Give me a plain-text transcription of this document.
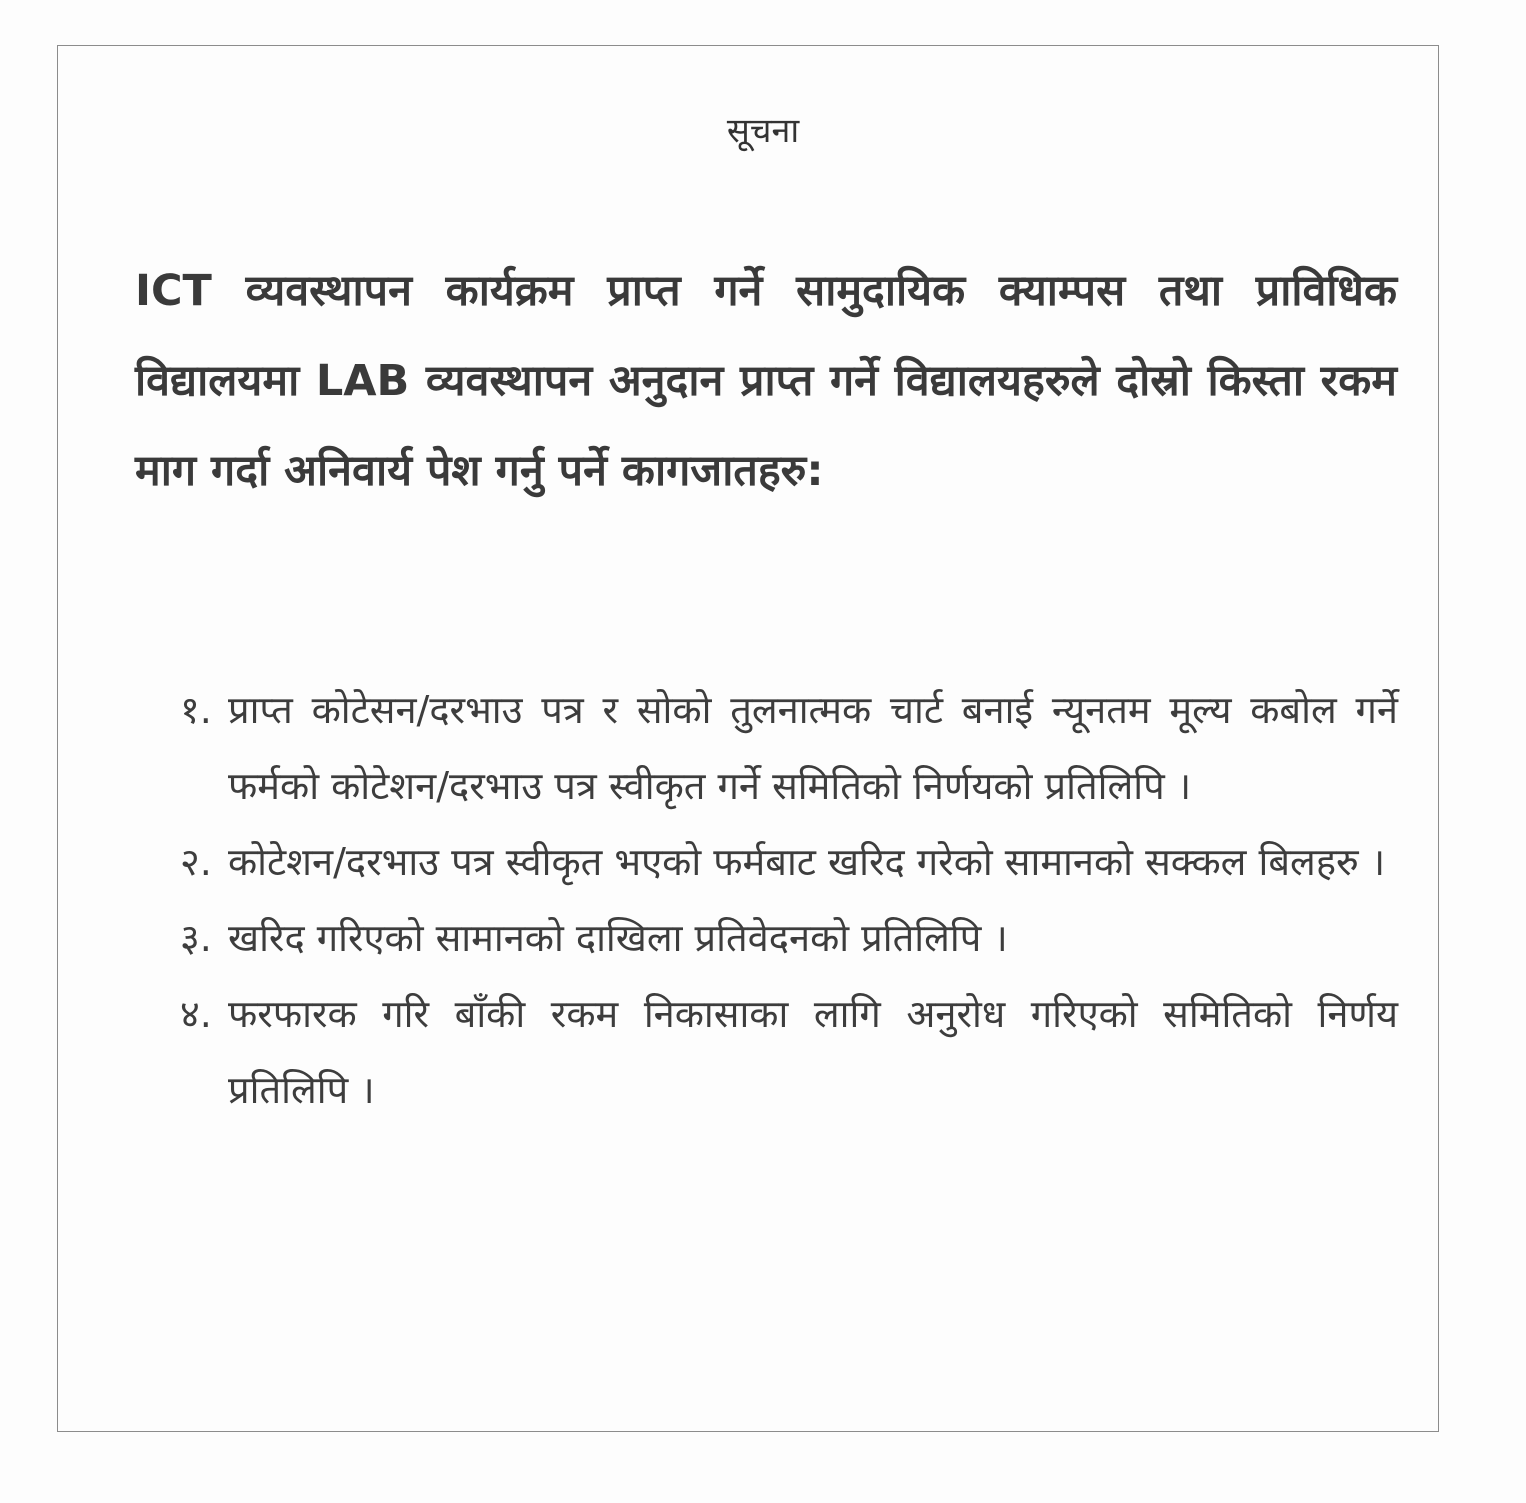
सूचना

ICT व्यवस्थापन कार्यक्रम प्राप्त गर्ने सामुदायिक क्याम्पस तथा प्राविधिक विद्यालयमा LAB व्यवस्थापन अनुदान प्राप्त गर्ने विद्यालयहरुले दोस्रो किस्ता रकम माग गर्दा अनिवार्य पेश गर्नु पर्ने कागजातहरु:

१. प्राप्त कोटेसन/दरभाउ पत्र र सोको तुलनात्मक चार्ट बनाई न्यूनतम मूल्य कबोल गर्ने फर्मको कोटेशन/दरभाउ पत्र स्वीकृत गर्ने समितिको निर्णयको प्रतिलिपि ।
२. कोटेशन/दरभाउ पत्र स्वीकृत भएको फर्मबाट खरिद गरेको सामानको सक्कल बिलहरु ।
३. खरिद गरिएको सामानको दाखिला प्रतिवेदनको प्रतिलिपि ।
४. फरफारक गरि बाँकी रकम निकासाका लागि अनुरोध गरिएको समितिको निर्णय प्रतिलिपि ।
